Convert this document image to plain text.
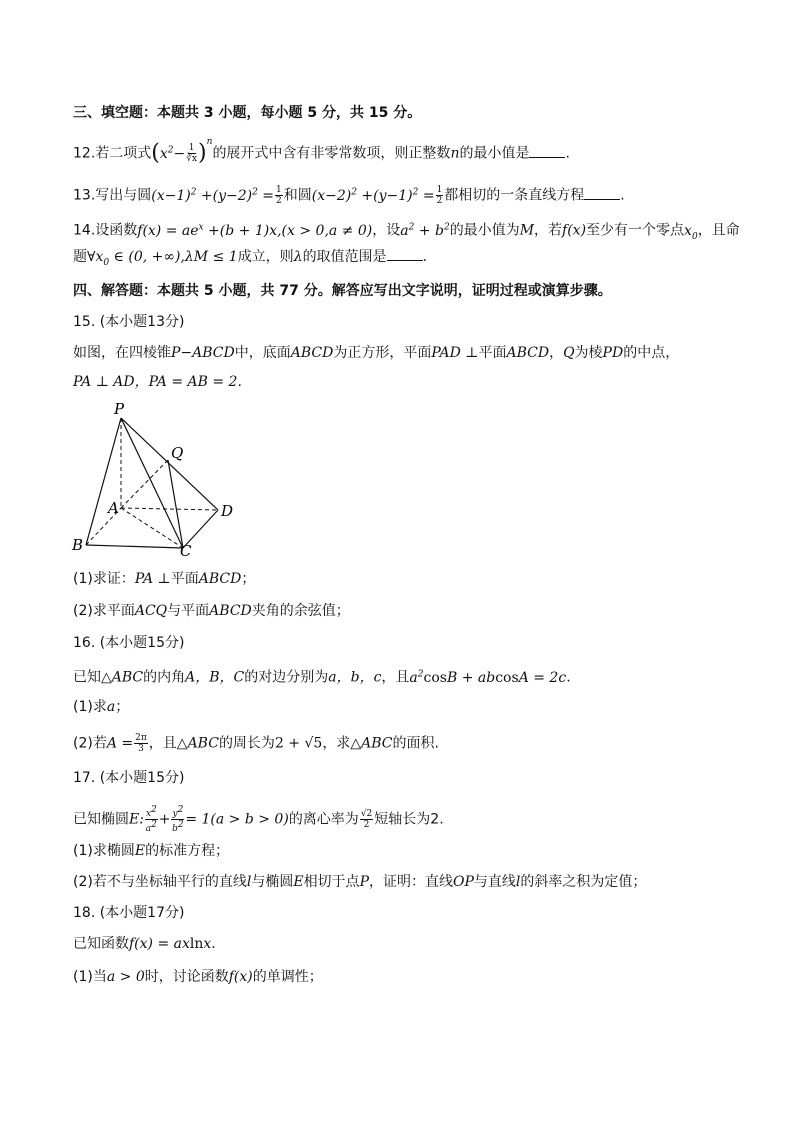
三、填空题：本题共 3 小题，每小题 5 分，共 15 分。
12.若二项式$(x^2- \frac{1}{∛x} )^n$的展开式中含有非零常数项，则正整数n的最小值是	.
13.写出与圆$(x-1)^2 +(y-2)^2 = \frac{1}{2}$ 和圆$(x-2)^2 +(y-1)^2 = \frac{1}{2}$ 都相切的一条直线方程	.
14.设函数$f(x) = ae^x +(b + 1)x,(x > 0,a \ne 0)$，设$a^2 + b^2$的最小值为M，若f(x)至少有一个零点$x_0$，且命
题$\forall x_0$ ∈ (0, +∞),λM ≤ 1成立，则λ的取值范围是	.
四、解答题：本题共 5 小题，共 77 分。解答应写出文字说明，证明过程或演算步骤。
15. (本小题13分)
如图，在四棱锥P−ABCD中，底面ABCD为正方形，平面PAD ⊥平面ABCD，Q为棱PD的中点，
PA ⊥ AD，PA = AB = 2.
P
Q
A	D
B	C
(1)求证：PA ⊥平面ABCD；
(2)求平面ACQ与平面ABCD夹角的余弦值；
16. (本小题15分)
已知△ABC的内角A，B，C的对边分别为a，b，c，且$a^2\cos B + abcosA = 2c$.
(1)求a；
(2)若$A = \frac{2\pi}{3}$ ，且△ABC的周长为2 + √5，求△ABC的面积.
17. (本小题15分)
已知椭圆E: $\frac{x^2}{a^2} + \frac{y^2}{b^2} = 1(a > b > 0)$的离心率为 $\frac{√2}{2}$ 短轴长为2.
(1)求椭圆E的标准方程；
(2)若不与坐标轴平行的直线l与椭圆E相切于点P，证明：直线OP与直线l的斜率之积为定值；
18. (本小题17分)
已知函数f(x) = axlnx.
(1)当a > 0时，讨论函数f(x)的单调性；
